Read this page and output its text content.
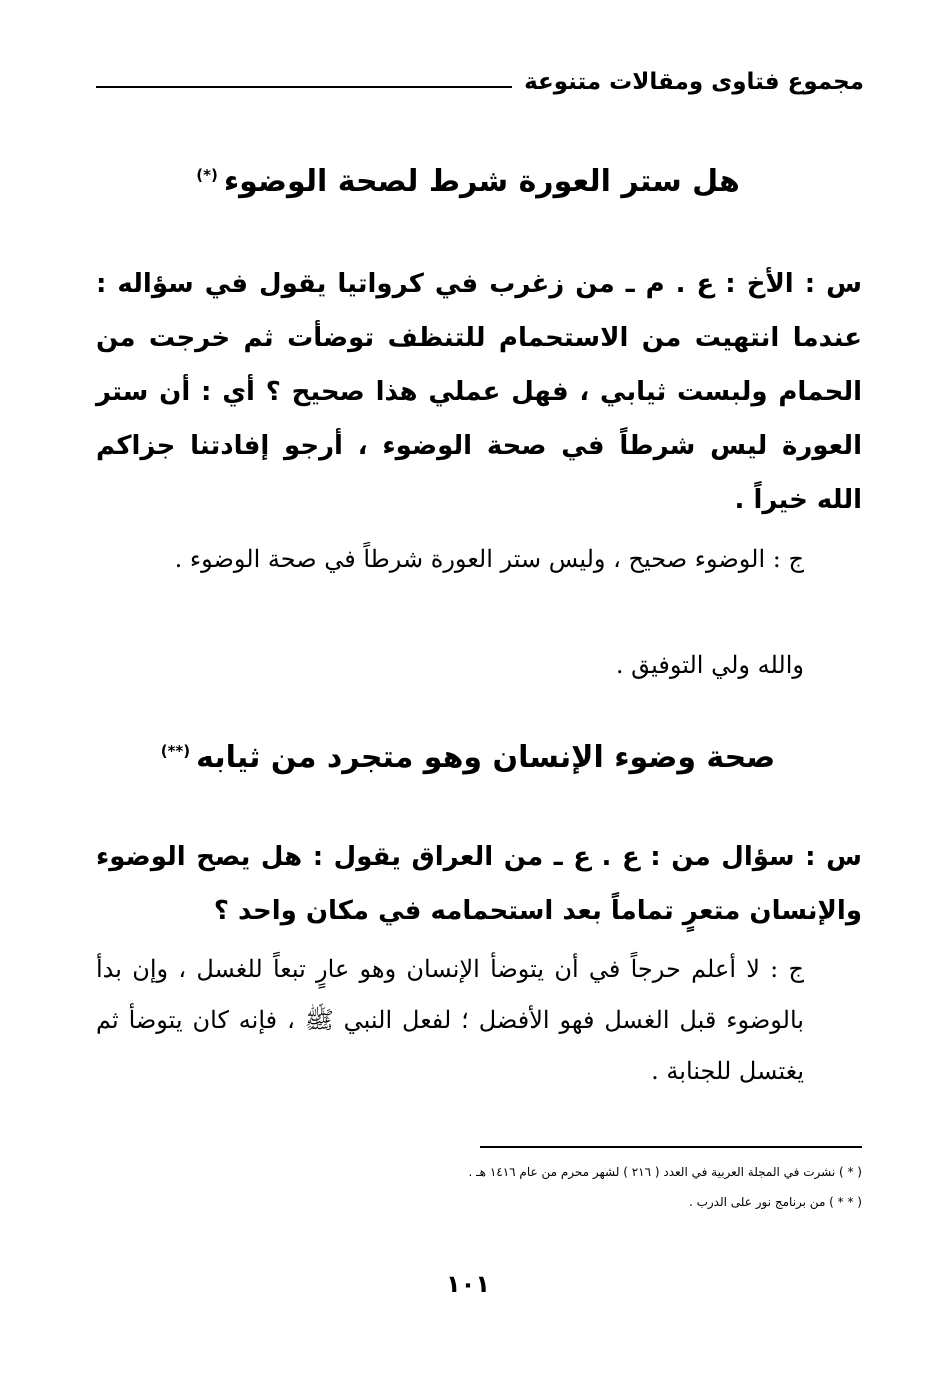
مجموع فتاوى ومقالات متنوعة
هل ستر العورة شرط لصحة الوضوء(*)
س : الأخ : ع . م ـ من زغرب في كرواتيا يقول في سؤاله : عندما انتهيت من الاستحمام للتنظف توضأت ثم خرجت من الحمام ولبست ثيابي ، فهل عملي هذا صحيح ؟ أي : أن ستر العورة ليس شرطاً في صحة الوضوء ، أرجو إفادتنا جزاكم الله خيراً .
ج : الوضوء صحيح ، وليس ستر العورة شرطاً في صحة الوضوء .
والله ولي التوفيق .
صحة وضوء الإنسان وهو متجرد من ثيابه(**)
س : سؤال من : ع . ع ـ من العراق يقول : هل يصح الوضوء والإنسان متعرٍ تماماً بعد استحمامه في مكان واحد ؟
ج : لا أعلم حرجاً في أن يتوضأ الإنسان وهو عارٍ تبعاً للغسل ، وإن بدأ بالوضوء قبل الغسل فهو الأفضل ؛ لفعل النبي ﷺ ، فإنه كان يتوضأ ثم يغتسل للجنابة .
( * ) نشرت في المجلة العربية في العدد ( ٢١٦ ) لشهر محرم من عام ١٤١٦ هـ .
( * * ) من برنامج نور على الدرب .
١٠١
